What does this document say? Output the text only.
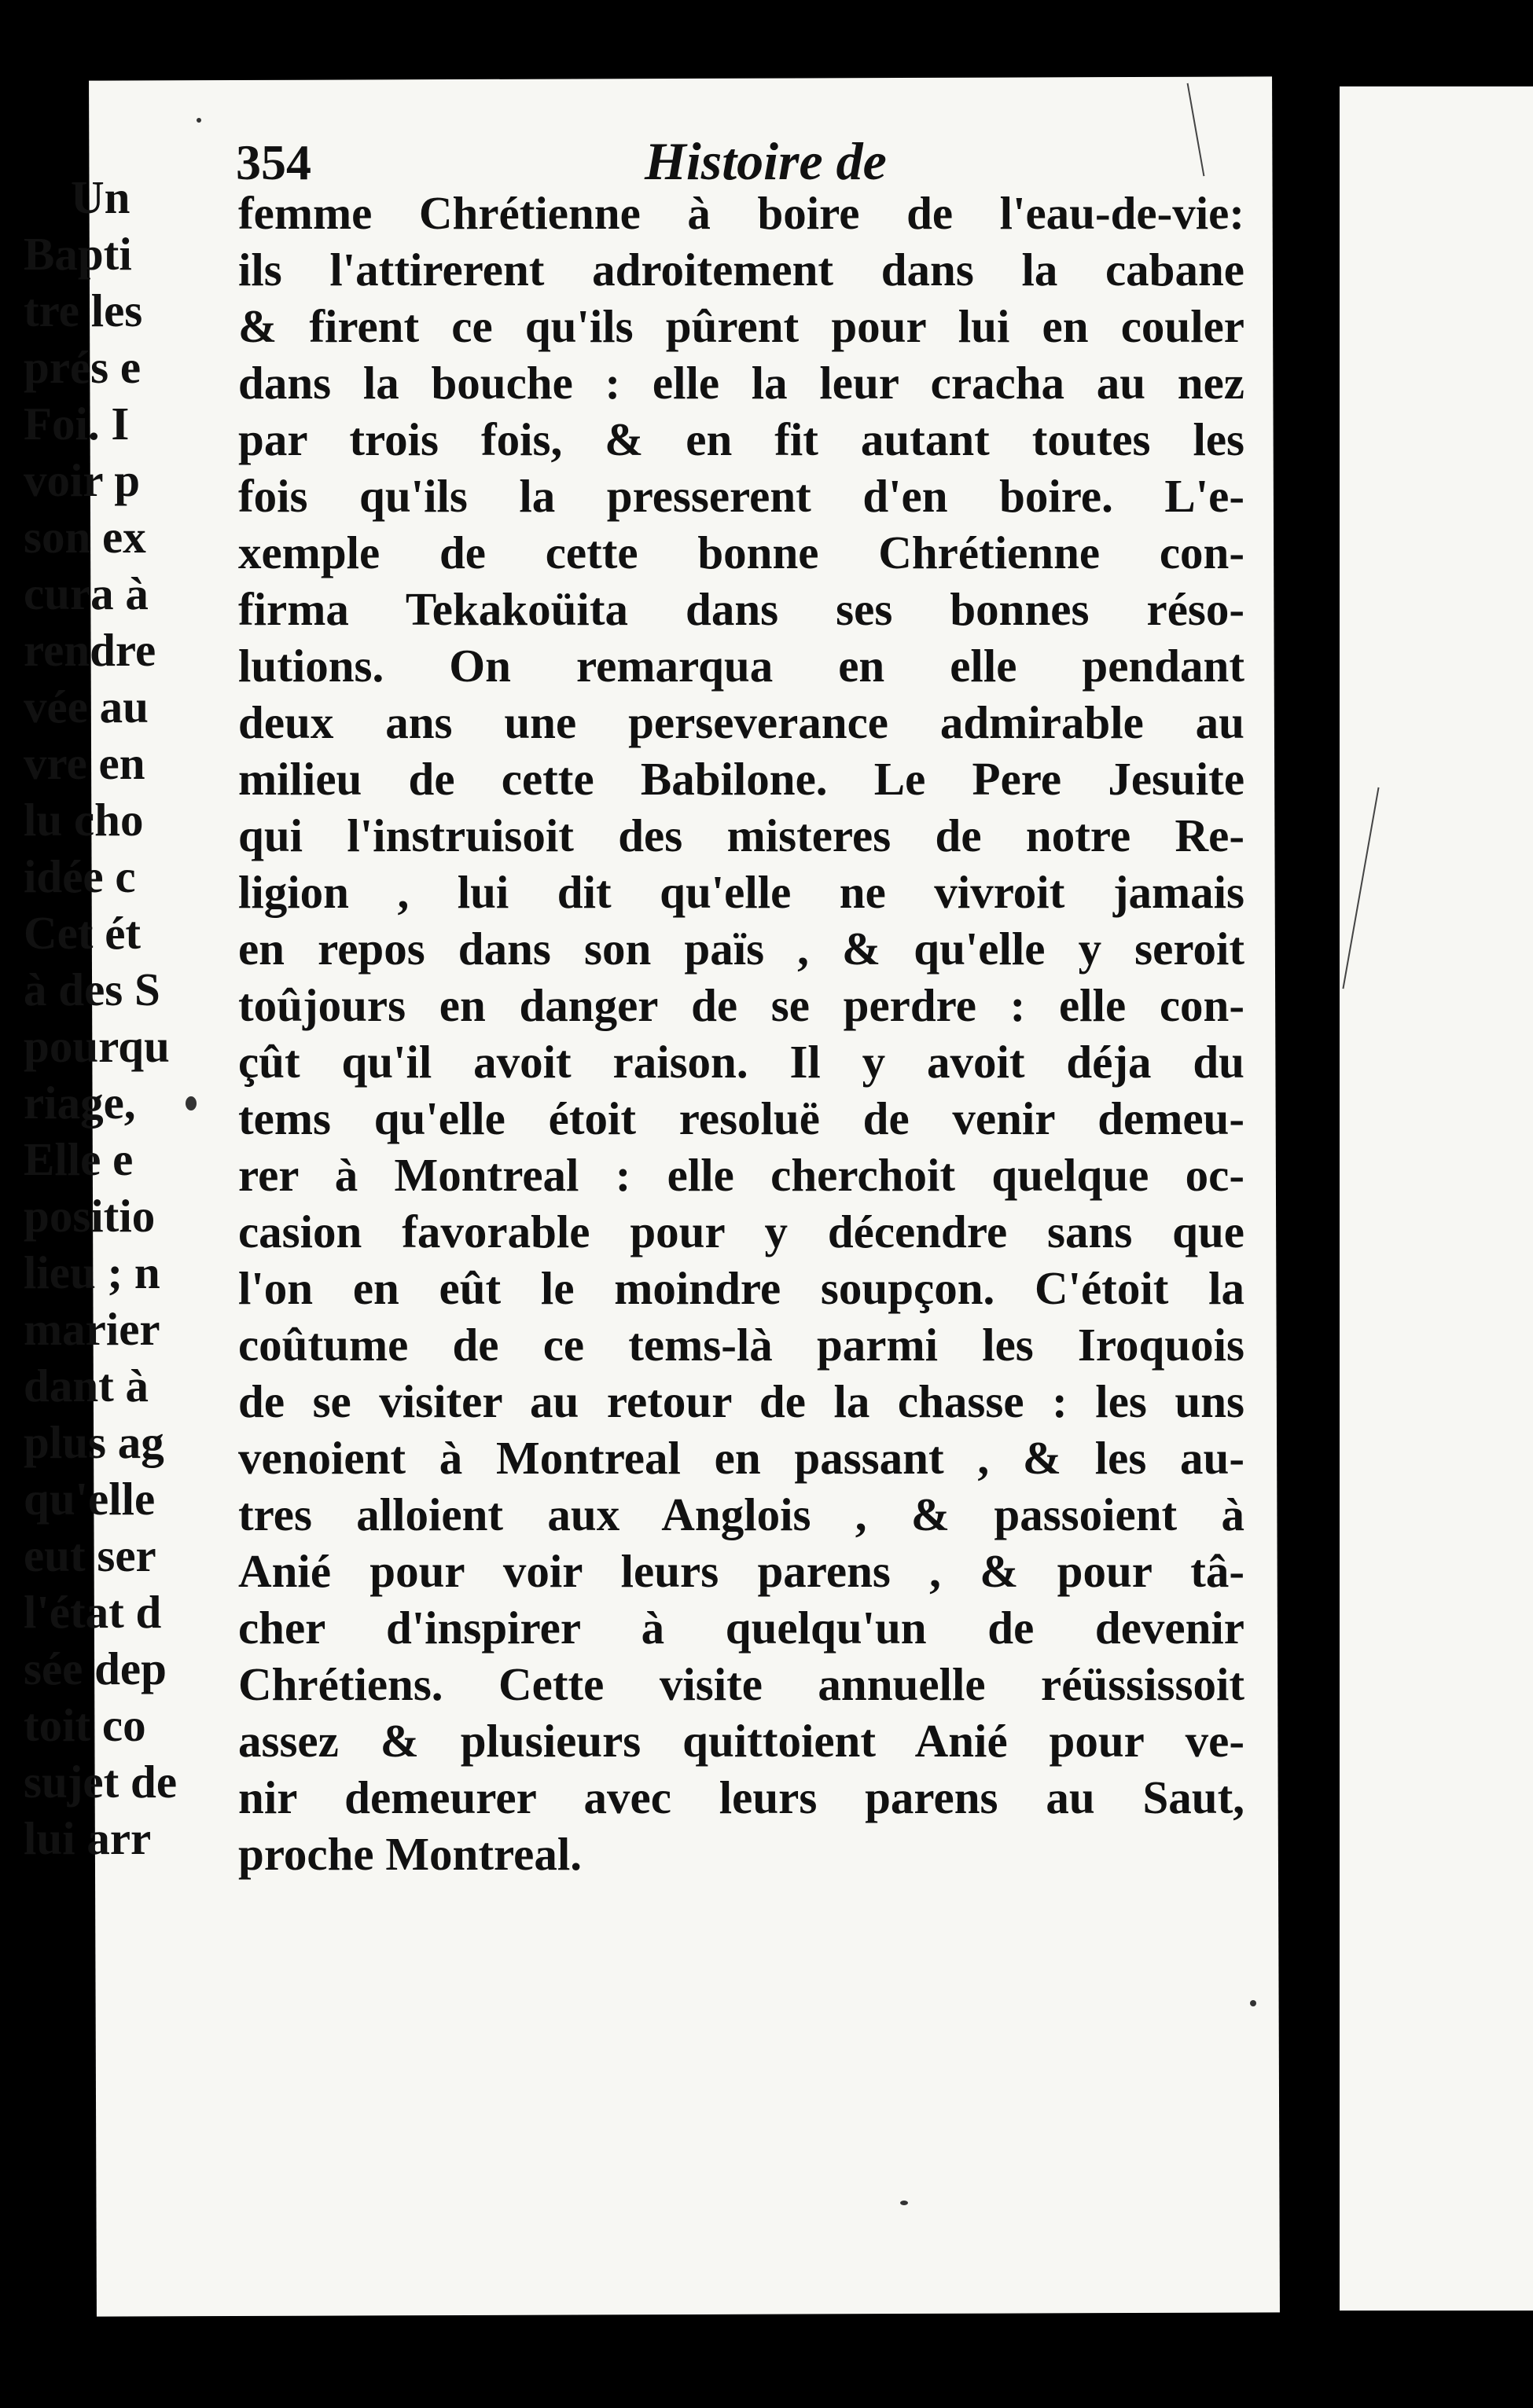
354	Histoire de
femme Chrétienne à boire de l'eau-de-vie:
ils l'attirerent adroitement dans la cabane
& firent ce qu'ils pûrent pour lui en couler
dans la bouche : elle la leur cracha au nez
par trois fois, & en fit autant toutes les
fois qu'ils la presserent d'en boire. L'e-
xemple de cette bonne Chrétienne con-
firma Tekakoüita dans ses bonnes réso-
lutions. On remarqua en elle pendant
deux ans une perseverance admirable au
milieu de cette Babilone. Le Pere Jesuite
qui l'instruisoit des misteres de notre Re-
ligion , lui dit qu'elle ne vivroit jamais
en repos dans son païs , & qu'elle y seroit
toûjours en danger de se perdre : elle con-
çût qu'il avoit raison. Il y avoit déja du
tems qu'elle étoit resoluë de venir demeu-
rer à Montreal : elle cherchoit quelque oc-
casion favorable pour y décendre sans que
l'on en eût le moindre soupçon. C'étoit la
coûtume de ce tems-là parmi les Iroquois
de se visiter au retour de la chasse : les uns
venoient à Montreal en passant , & les au-
tres alloient aux Anglois , & passoient à
Anié pour voir leurs parens , & pour tâ-
cher d'inspirer à quelqu'un de devenir
Chrétiens. Cette visite annuelle réüssissoit
assez & plusieurs quittoient Anié pour ve-
nir demeurer avec leurs parens au Saut,
proche Montreal.
Un
Bapti
tre les
prés e
Foi. I
voir p
son ex
cura à
rendre
vée au
vre en
lu cho
idée c
Cet ét
à des S
pourqu
riage,
Elle e
positio
lieu ; n
marier
dant à
plus ag
qu'elle
eut ser
l'état d
sée dep
toit co
sujet de
lui arr
